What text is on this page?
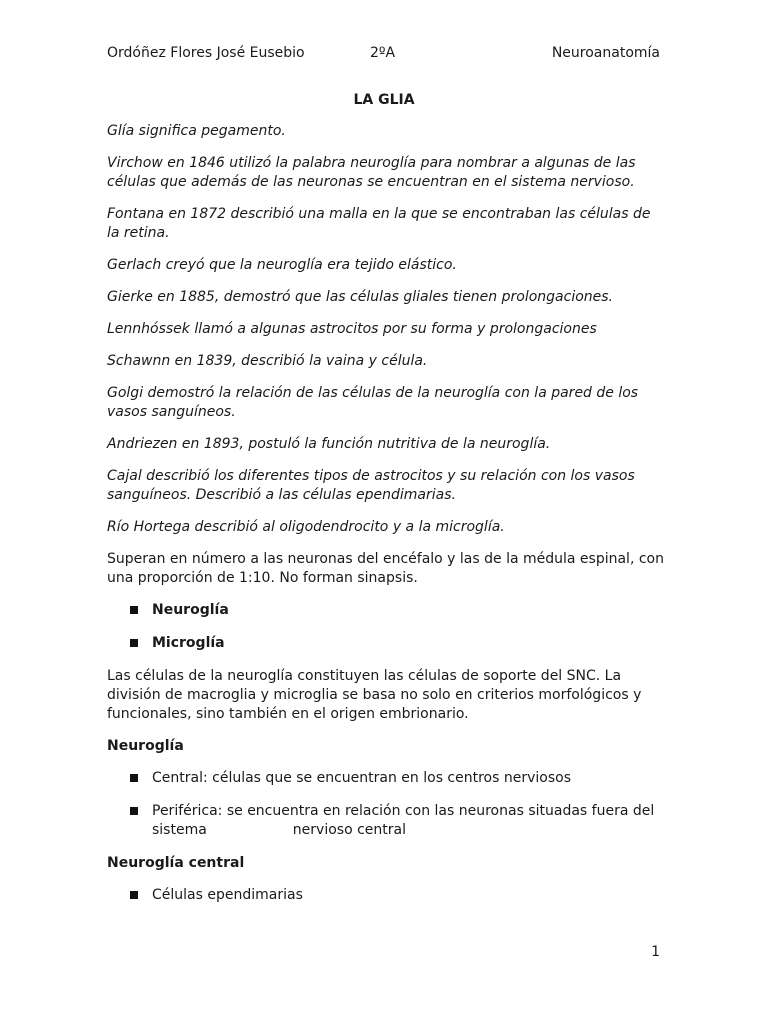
Ordóñez Flores José Eusebio	2ºA	Neuroanatomía
LA GLIA

Glía significa pegamento.

Virchow en 1846 utilizó la palabra neuroglía para nombrar a algunas de las células que además de las neuronas se encuentran en el sistema nervioso.

Fontana en 1872 describió una malla en la que se encontraban las células de la retina.

Gerlach creyó que la neuroglía era tejido elástico.

Gierke en 1885, demostró que las células gliales tienen prolongaciones.

Lennhóssek llamó a algunas astrocitos por su forma y prolongaciones

Schawnn en 1839, describió la vaina y célula.

Golgi demostró la relación de las células de la neuroglía con la pared de los vasos sanguíneos.

Andriezen en 1893, postuló la función nutritiva de la neuroglía.

Cajal describió los diferentes tipos de astrocitos y su relación con los vasos sanguíneos. Describió a las células ependimarias.

Río Hortega describió al oligodendrocito y a la microglía.

Superan en número a las neuronas del encéfalo y las de la médula espinal, con una proporción de 1:10. No forman sinapsis.

Neuroglía
Microglía

Las células de la neuroglía constituyen las células de soporte del SNC. La división de macroglia y microglia se basa no solo en criterios morfológicos y funcionales, sino también en el origen embrionario.

Neuroglía
Central: células que se encuentran en los centros nerviosos
Periférica: se encuentra en relación con las neuronas situadas fuera del sistema	nervioso central
Neuroglía central
Células ependimarias
1
